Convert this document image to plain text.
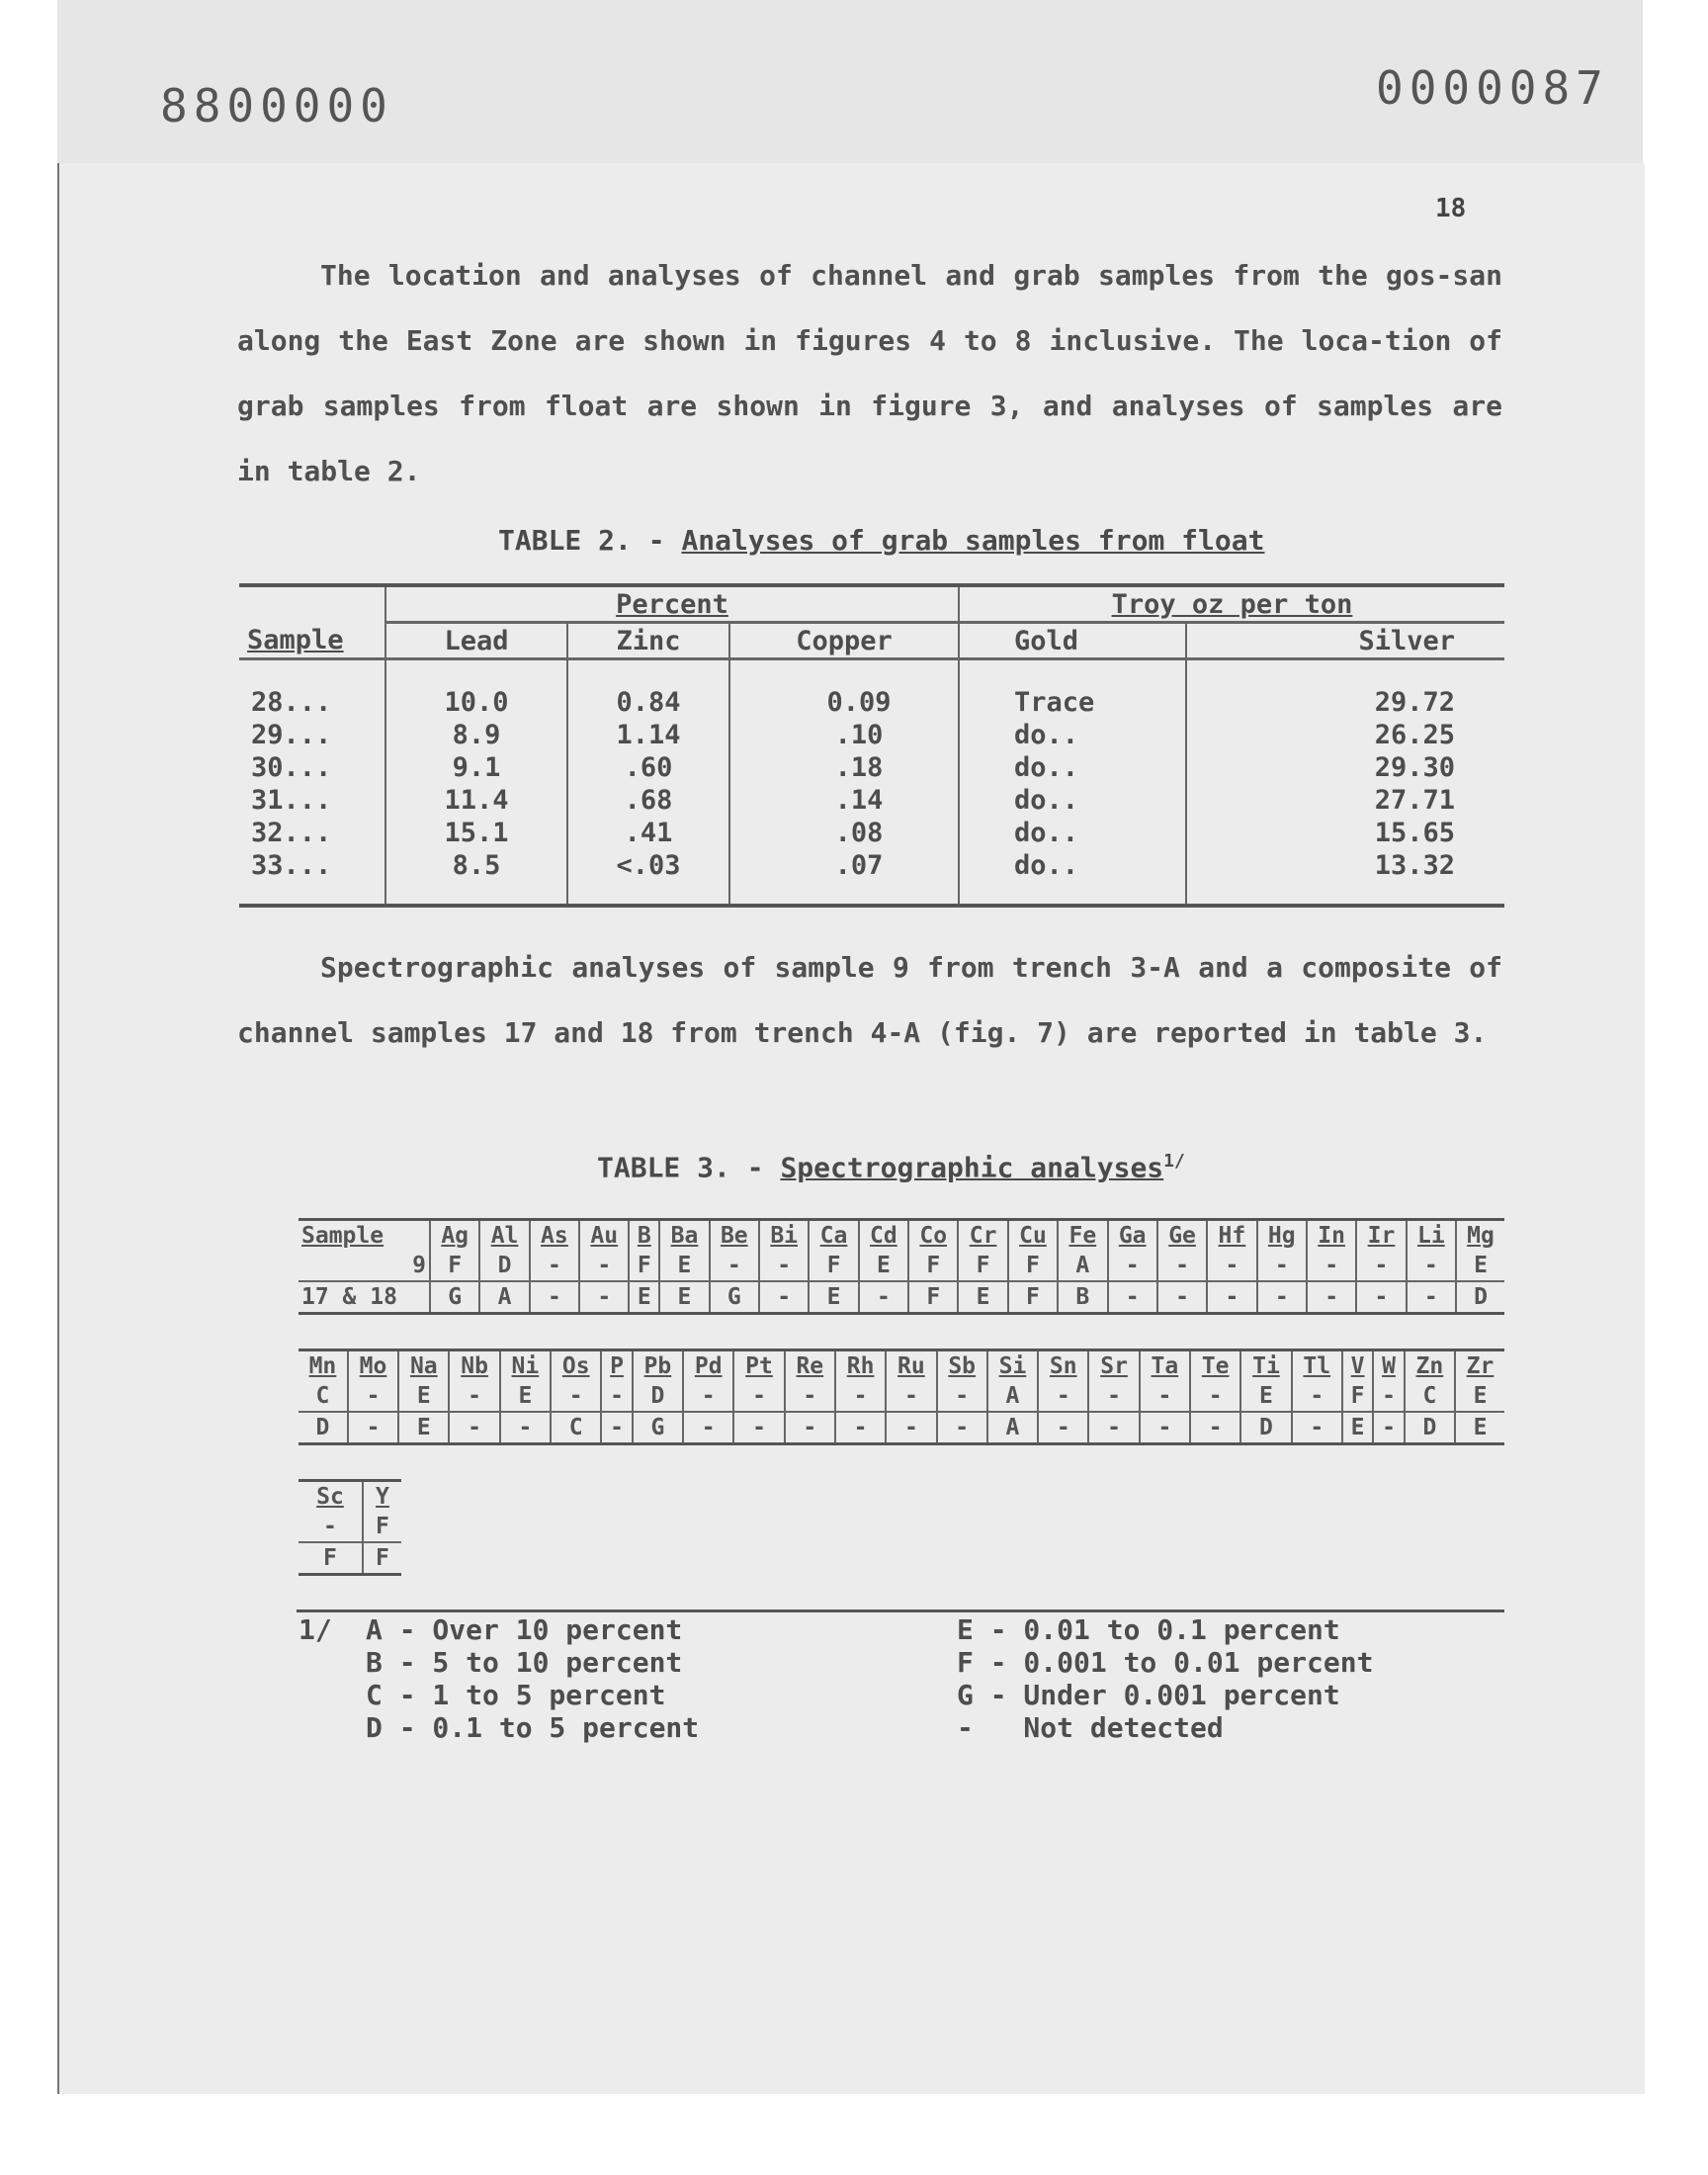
8800000	0000087
18

The location and analyses of channel and grab samples from the gos-san along the East Zone are shown in figures 4 to 8 inclusive. The loca-tion of grab samples from float are shown in figure 3, and analyses of samples are in table 2.

TABLE 2. - Analyses of grab samples from float
	Percent			Troy oz per ton	
Sample	Lead	Zinc	Copper	Gold	Silver

28...	10.0	0.84	0.09	Trace	29.72
29...	8.9	1.14	.10	do..	26.25
30...	9.1	.60	.18	do..	29.30
31...	11.4	.68	.14	do..	27.71
32...	15.1	.41	.08	do..	15.65
33...	8.5	<.03	.07	do..	13.32

Spectrographic analyses of sample 9 from trench 3-A and a composite of channel samples 17 and 18 from trench 4-A (fig. 7) are reported in table 3.

TABLE 3. - Spectrographic analyses$^{1/}$
Sample	Ag	Al	As	Au	B	Ba	Be	Bi	Ca	Cd	Co	Cr	Cu	Fe	Ga	Ge	Hf	Hg	In	Ir	Li	Mg
9	F	D	-	-	F	E	-	-	F	E	F	F	F	A	-	-	-	-	-	-	-	E
17 & 18	G	A	-	-	E	E	G	-	E	-	F	E	F	B	-	-	-	-	-	-	-	D
Mn	Mo	Na	Nb	Ni	Os	P	Pb	Pd	Pt	Re	Rh	Ru	Sb	Si	Sn	Sr	Ta	Te	Ti	Tl	V	W	Zn	Zr
C	-	E	-	E	-	-	D	-	-	-	-	-	-	A	-	-	-	-	E	-	F	-	C	E
D	-	E	-	-	C	-	G	-	-	-	-	-	-	A	-	-	-	-	D	-	E	-	D	E
Sc	Y
-	F
F	F
1/ A - Over 10 percent
B - 5 to 10 percent
C - 1 to 5 percent
D - 0.1 to 5 percent
E - 0.01 to 0.1 percent
F - 0.001 to 0.01 percent
G - Under 0.001 percent
-   Not detected
